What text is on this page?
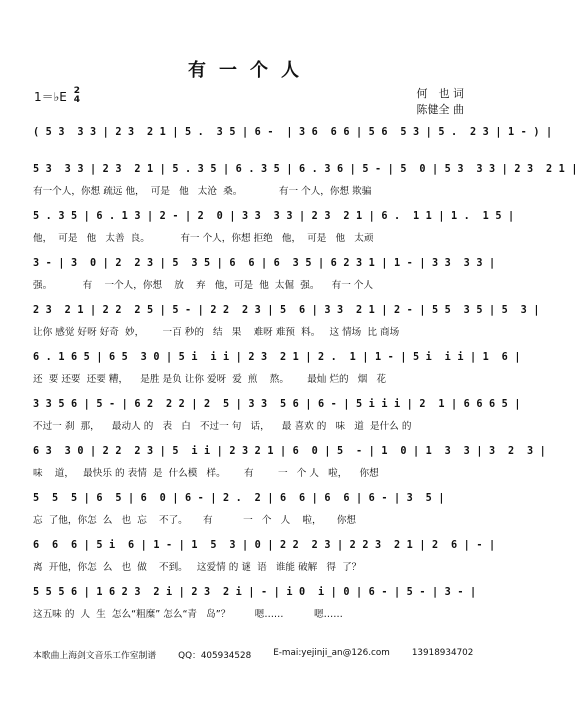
有一个人
1＝♭E 2
4	何　也 词
陈健全 曲
( 5 3  3 3 | 2 3  2 1 | 5 .  3 5 | 6 -  | 3 6  6 6 | 5 6  5 3 | 5 .  2 3 | 1 - ) |
5 3  3 3 | 2 3  2 1 | 5 . 3 5 | 6 . 3 5 | 6 . 3 6 | 5 - | 5  0 | 5 3  3 3 | 2 3  2 1 |
有一个人，你想 疏远 他，  可是   他   太沧  桑。            有一 个人，你想 欺骗
5 . 3 5 | 6 . 1 3 | 2 - | 2  0 | 3 3  3 3 | 2 3  2 1 | 6 .  1 1 | 1 .  1 5 |
他，  可是   他   太善  良。          有一 个人，你想 拒绝   他，  可是   他   太顽
3 - | 3  0 | 2  2 3 | 5  3 5 | 6  6 | 6  3 5 | 6 2 3 1 | 1 - | 3 3  3 3 |
强。          有    一个人，你想    放    弃   他，可是  他  太倔  强。    有一 个人
2 3  2 1 | 2 2  2 5 | 5 - | 2 2  2 3 | 5  6 | 3 3  2 1 | 2 - | 5 5  3 5 | 5  3 |
让你 感觉 好呀 好奇  妙，      一百 秒的   结   果    难呀 难预  料。   这 情场  比 商场
6 . 1 6 5 | 6 5  3 0 | 5 i  i i | 2 3  2 1 | 2 .  1 | 1 - | 5 i  i i | 1  6 |
还  要 还要  还要 糟，    是胜 是负 让你 爱呀  爱  煎    熬。      最灿 烂的   烟   花
3 3 5 6 | 5 - | 6 2  2 2 | 2  5 | 3 3  5 6 | 6 - | 5 i i i | 2  1 | 6 6 6 5 |
不过一 刹  那，    最动人 的   表   白   不过一 句   话，    最 喜欢 的   味   道  是什么 的
6 3  3 0 | 2 2  2 3 | 5  i i | 2 3 2 1 | 6  0 | 5  - | 1  0 | 1  3  3 | 3  2  3 |
味    道，   最快乐 的 表情  是  什么模   样。      有        一   个 人   啦，    你想
5  5  5 | 6  5 | 6  0 | 6 - | 2 .  2 | 6  6 | 6  6 | 6 - | 3  5 |
忘  了他，你怎  么   也  忘    不了。     有          一   个   人    啦，     你想
6  6  6 | 5 i  6 | 1 - | 1  5  3 | 0 | 2 2  2 3 | 2 2 3  2 1 | 2  6 | - |
离  开他，你怎  么   也  做    不到。   这爱情 的 谜  语   谁能 破解   得  了？
5 5 5 6 | 1 6 2 3  2 i | 2 3  2 i | - | i 0  i | 0 | 6 - | 5 - | 3 - |
这五味 的  人  生  怎么“粗糜” 怎么“青   岛”？        嗯……          嗯……
本歌曲上海剑文音乐工作室制谱	QQ：405934528	E-mai:yejinji_an@126.com	13918934702
